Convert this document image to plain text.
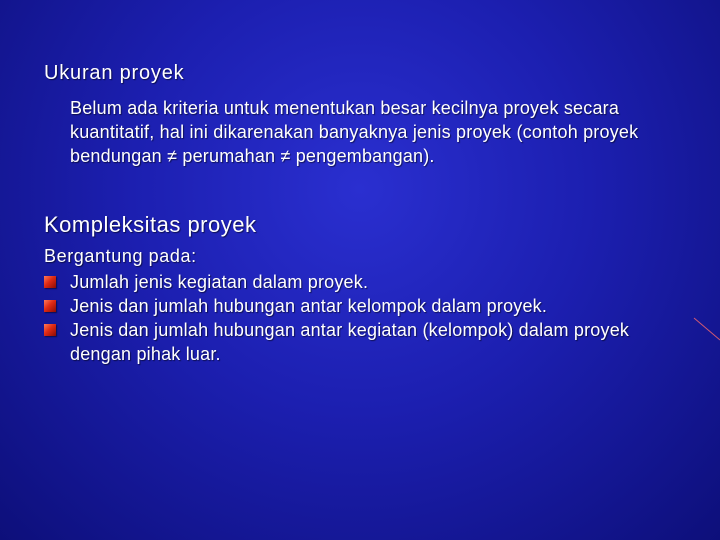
Ukuran proyek
Belum ada kriteria untuk menentukan besar kecilnya proyek secara kuantitatif, hal ini dikarenakan banyaknya jenis proyek (contoh proyek bendungan ≠ perumahan ≠ pengembangan).
Kompleksitas proyek
Bergantung pada:
Jumlah jenis kegiatan dalam proyek.
Jenis dan jumlah hubungan antar kelompok dalam proyek.
Jenis dan jumlah hubungan antar kegiatan (kelompok) dalam proyek dengan pihak luar.
